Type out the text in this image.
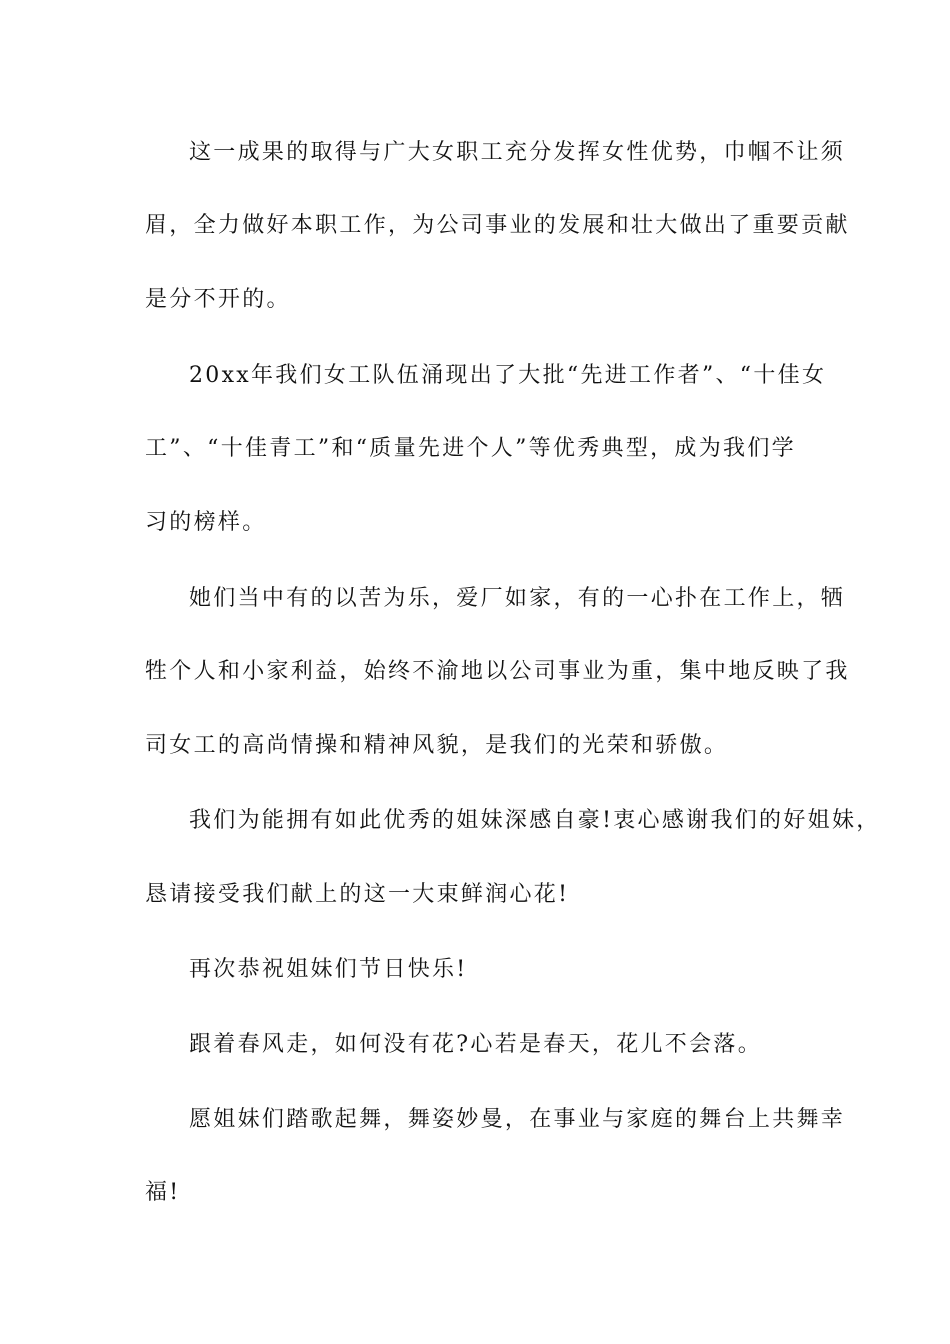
这一成果的取得与广大女职工充分发挥女性优势，巾帼不让须
眉，全力做好本职工作，为公司事业的发展和壮大做出了重要贡献
是分不开的。
20xx年我们女工队伍涌现出了大批“先进工作者”、“十佳女
工”、“十佳青工”和“质量先进个人”等优秀典型，成为我们学
习的榜样。
她们当中有的以苦为乐，爱厂如家，有的一心扑在工作上，牺
牲个人和小家利益，始终不渝地以公司事业为重，集中地反映了我
司女工的高尚情操和精神风貌，是我们的光荣和骄傲。
我们为能拥有如此优秀的姐妹深感自豪!衷心感谢我们的好姐妹，
恳请接受我们献上的这一大束鲜润心花!
再次恭祝姐妹们节日快乐!
跟着春风走，如何没有花?心若是春天，花儿不会落。
愿姐妹们踏歌起舞，舞姿妙曼，在事业与家庭的舞台上共舞幸
福!
